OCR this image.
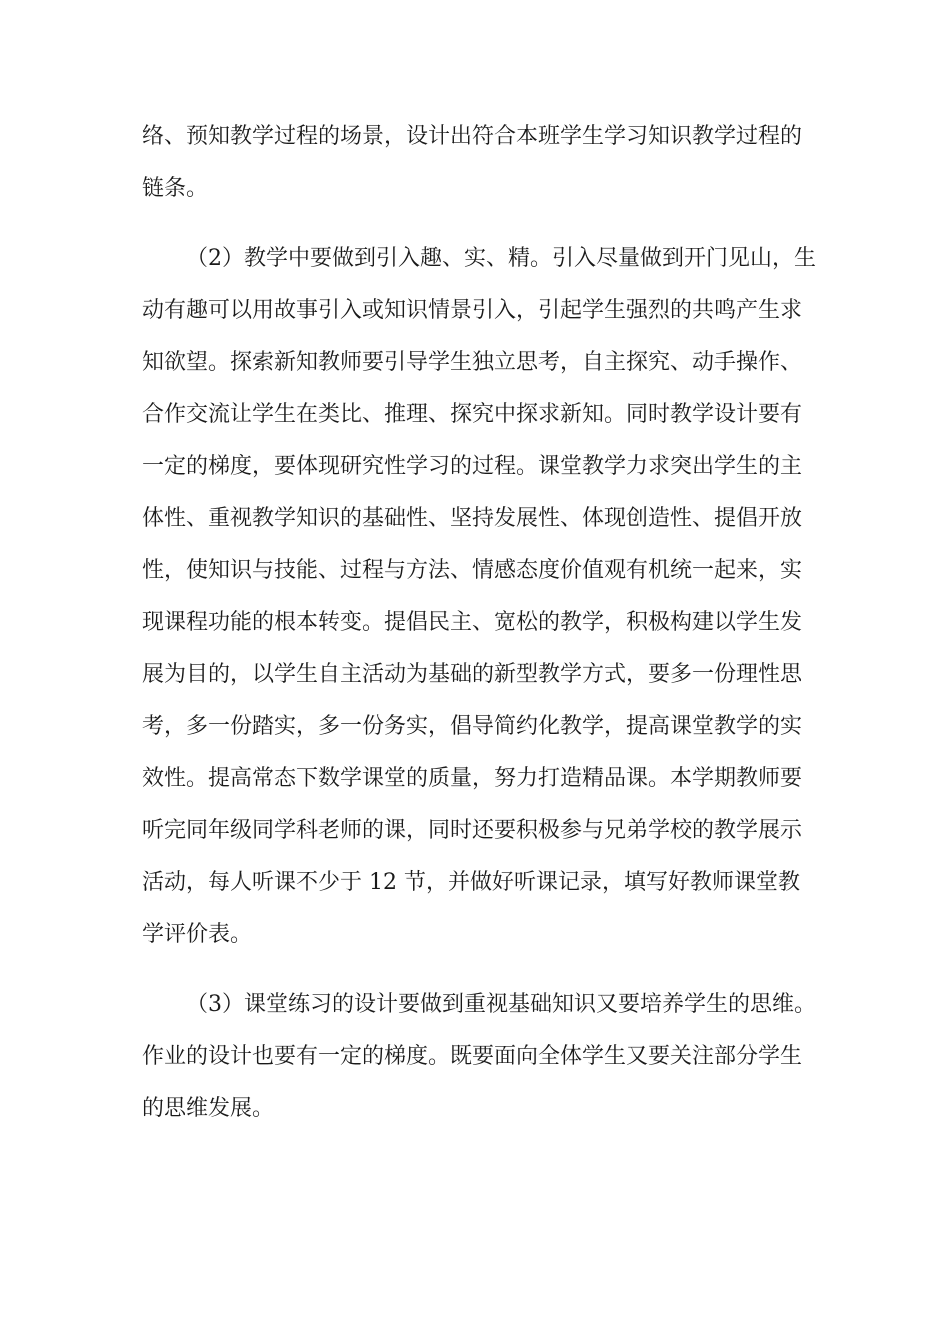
络、预知教学过程的场景，设计出符合本班学生学习知识教学过程的
链条。
（2）教学中要做到引入趣、实、精。引入尽量做到开门见山，生
动有趣可以用故事引入或知识情景引入，引起学生强烈的共鸣产生求
知欲望。探索新知教师要引导学生独立思考，自主探究、动手操作、
合作交流让学生在类比、推理、探究中探求新知。同时教学设计要有
一定的梯度，要体现研究性学习的过程。课堂教学力求突出学生的主
体性、重视教学知识的基础性、坚持发展性、体现创造性、提倡开放
性，使知识与技能、过程与方法、情感态度价值观有机统一起来，实
现课程功能的根本转变。提倡民主、宽松的教学，积极构建以学生发
展为目的，以学生自主活动为基础的新型教学方式，要多一份理性思
考，多一份踏实，多一份务实，倡导简约化教学，提高课堂教学的实
效性。提高常态下数学课堂的质量，努力打造精品课。本学期教师要
听完同年级同学科老师的课，同时还要积极参与兄弟学校的教学展示
活动，每人听课不少于 12 节，并做好听课记录，填写好教师课堂教
学评价表。
（3）课堂练习的设计要做到重视基础知识又要培养学生的思维。
作业的设计也要有一定的梯度。既要面向全体学生又要关注部分学生
的思维发展。
